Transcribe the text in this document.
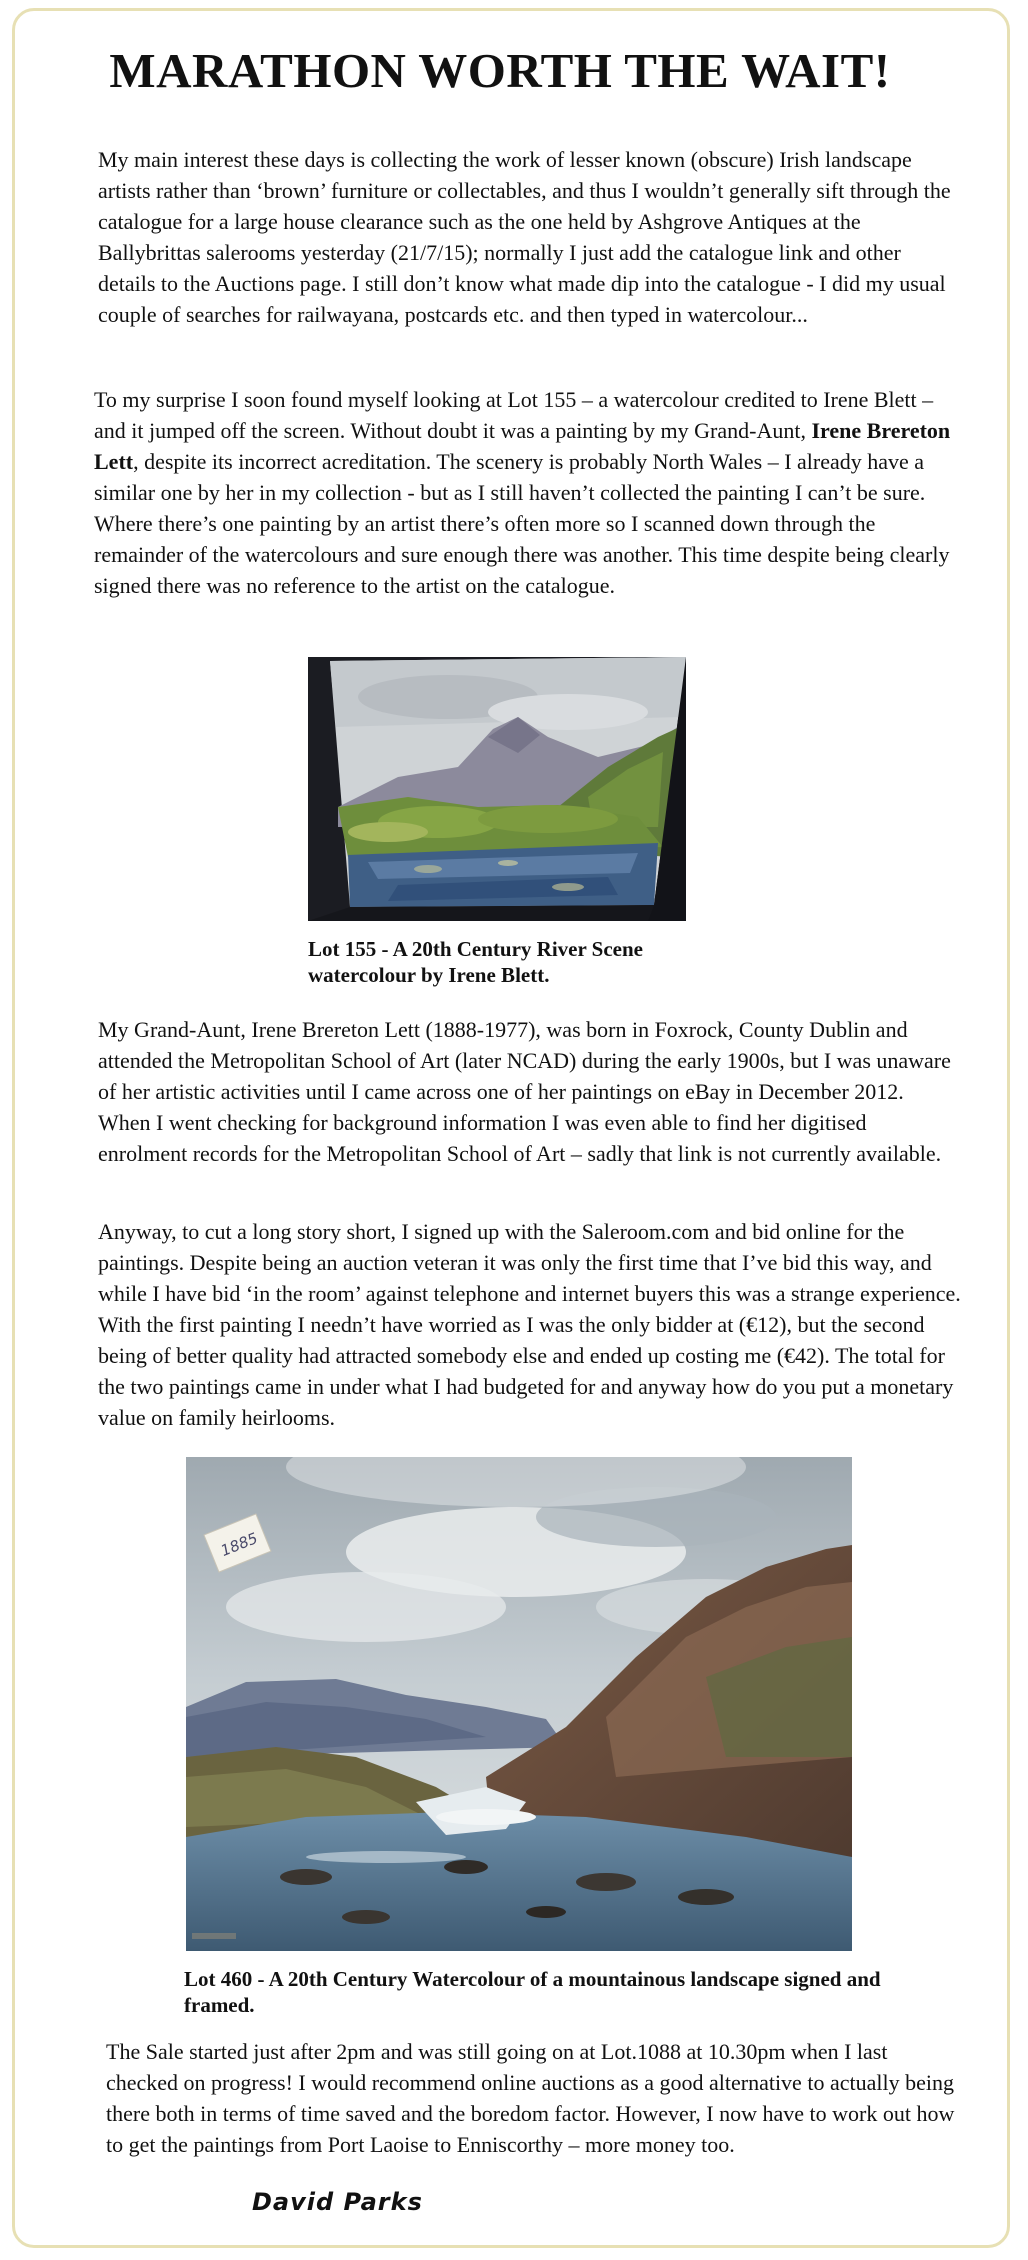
MARATHON WORTH THE WAIT!

My main interest these days is collecting the work of lesser known (obscure) Irish landscape artists rather than ‘brown’ furniture or collectables, and thus I wouldn’t generally sift through the catalogue for a large house clearance such as the one held by Ashgrove Antiques at the Ballybrittas salerooms yesterday (21/7/15); normally I just add the catalogue link and other details to the Auctions page. I still don’t know what made dip into the catalogue - I did my usual couple of searches for railwayana, postcards etc. and then typed in watercolour...

To my surprise I soon found myself looking at Lot 155 – a watercolour credited to Irene Blett – and it jumped off the screen. Without doubt it was a painting by my Grand-Aunt, Irene Brereton Lett, despite its incorrect acreditation. The scenery is probably North Wales – I already have a similar one by her in my collection - but as I still haven’t collected the painting I can’t be sure. Where there’s one painting by an artist there’s often more so I scanned down through the remainder of the watercolours and sure enough there was another. This time despite being clearly signed there was no reference to the artist on the catalogue.

Lot 155 - A 20th Century River Scene watercolour by Irene Blett.

My Grand-Aunt, Irene Brereton Lett (1888-1977), was born in Foxrock, County Dublin and attended the Metropolitan School of Art (later NCAD) during the early 1900s, but I was unaware of her artistic activities until I came across one of her paintings on eBay in December 2012. When I went checking for background information I was even able to find her digitised enrolment records for the Metropolitan School of Art – sadly that link is not currently available.

Anyway, to cut a long story short, I signed up with the Saleroom.com and bid online for the paintings. Despite being an auction veteran it was only the first time that I’ve bid this way, and while I have bid ‘in the room’ against telephone and internet buyers this was a strange experience. With the first painting I needn’t have worried as I was the only bidder at (€12), but the second being of better quality had attracted somebody else and ended up costing me (€42). The total for the two paintings came in under what I had budgeted for and anyway how do you put a monetary value on family heirlooms.

1885

Lot 460 - A 20th Century Watercolour of a mountainous landscape signed and framed.

The Sale started just after 2pm and was still going on at Lot.1088 at 10.30pm when I last checked on progress! I would recommend online auctions as a good alternative to actually being there both in terms of time saved and the boredom factor. However, I now have to work out how to get the paintings from Port Laoise to Enniscorthy – more money too.

David Parks
